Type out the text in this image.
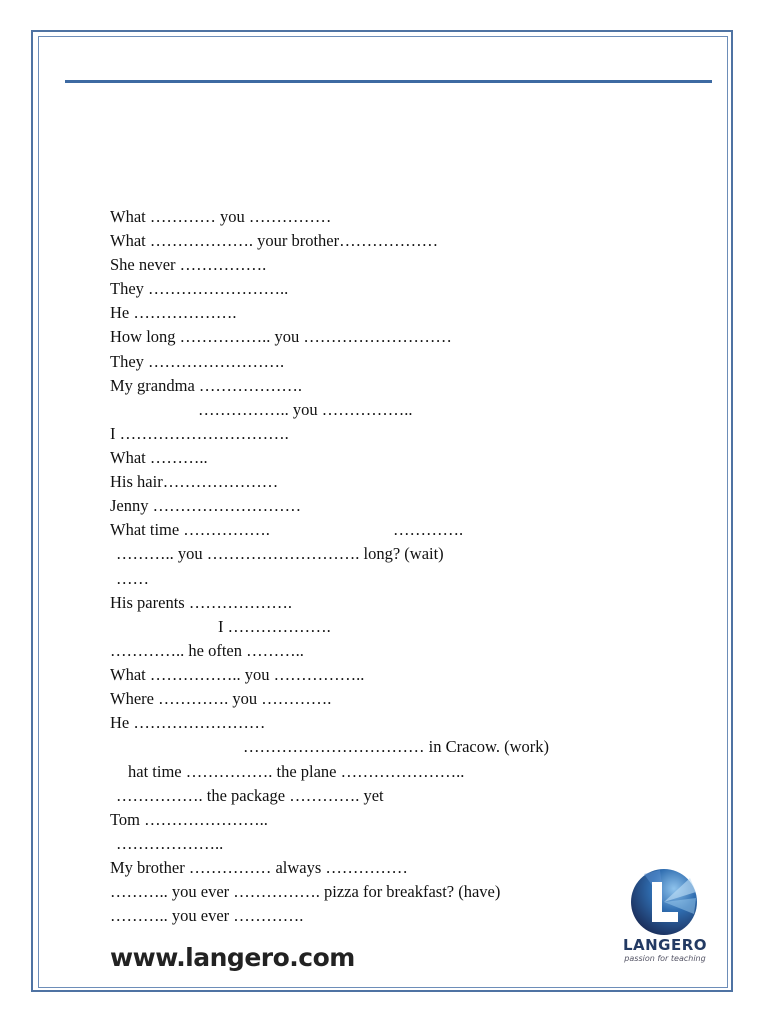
What ………… you ……………
What ………………. your brother………………
She never …………….
They ……………………..
He ……………….
How long …………….. you ………………………
They …………………….
My grandma ……………….
…………….. you ……………..
I ………………………….
What ………..
His hair…………………
Jenny ………………………
What time …………….	………….
……….. you ………………………. long? (wait)
……
His parents ……………….
I ……………….
………….. he often ………..
What …………….. you ……………..
Where …………. you ………….
He ……………………
…………………………… in Cracow. (work)
hat time ……………. the plane …………………..
……………. the package …………. yet
Tom …………………..
………………..
My brother …………… always ……………
……….. you ever ……………. pizza for breakfast? (have)
……….. you ever ………….
www.langero.com	LANGERO
passion for teaching
